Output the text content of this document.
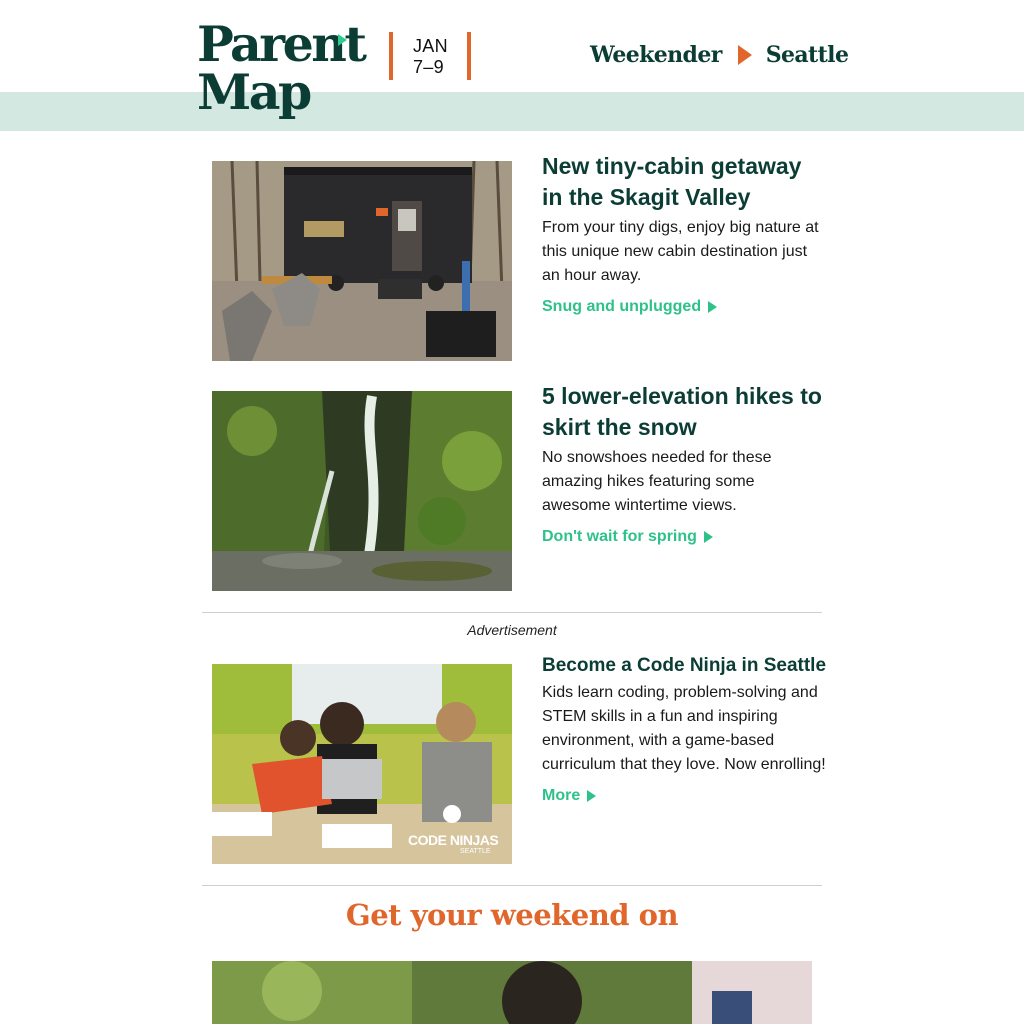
Parent
Map
JAN
7–9	Weekender Seattle
New tiny-cabin getaway in the Skagit Valley
From your tiny digs, enjoy big nature at this unique new cabin destination just an hour away.
Snug and unplugged
5 lower-elevation hikes to skirt the snow
No snowshoes needed for these amazing hikes featuring some awesome wintertime views.
Don't wait for spring
Advertisement
CODE NINJAS
SEATTLE
Become a Code Ninja in Seattle
Kids learn coding, problem-solving and STEM skills in a fun and inspiring environment, with a game-based curriculum that they love. Now enrolling!
More
Get your weekend on
